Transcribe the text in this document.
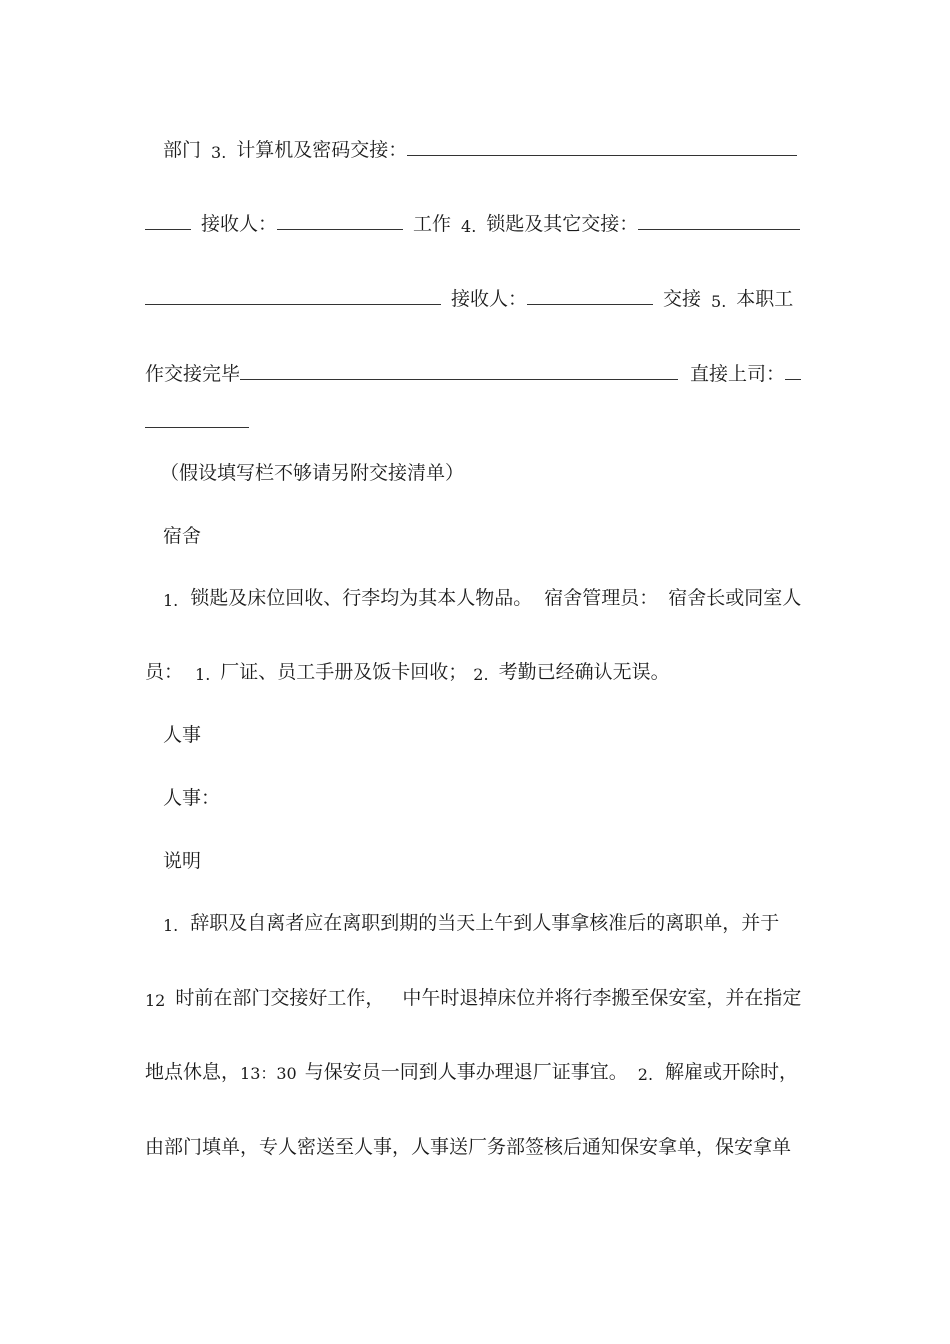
部门 3. 计算机及密码交接：
接收人：	工作 4. 锁匙及其它交接：
接收人：	交接 5. 本职工
作交接完毕	直接上司：
（假设填写栏不够请另附交接清单）
宿舍
1. 锁匙及床位回收、行李均为其本人物品。 宿舍管理员： 宿舍长或同室人
员： 1. 厂证、员工手册及饭卡回收； 2. 考勤已经确认无误。
人事
人事：
说明
1. 辞职及自离者应在离职到期的当天上午到人事拿核准后的离职单，并于
12 时前在部门交接好工作， 中午时退掉床位并将行李搬至保安室，并在指定
地点休息， 13：30 与保安员一同到人事办理退厂证事宜。 2. 解雇或开除时，
由部门填单，专人密送至人事，人事送厂务部签核后通知保安拿单，保安拿单
